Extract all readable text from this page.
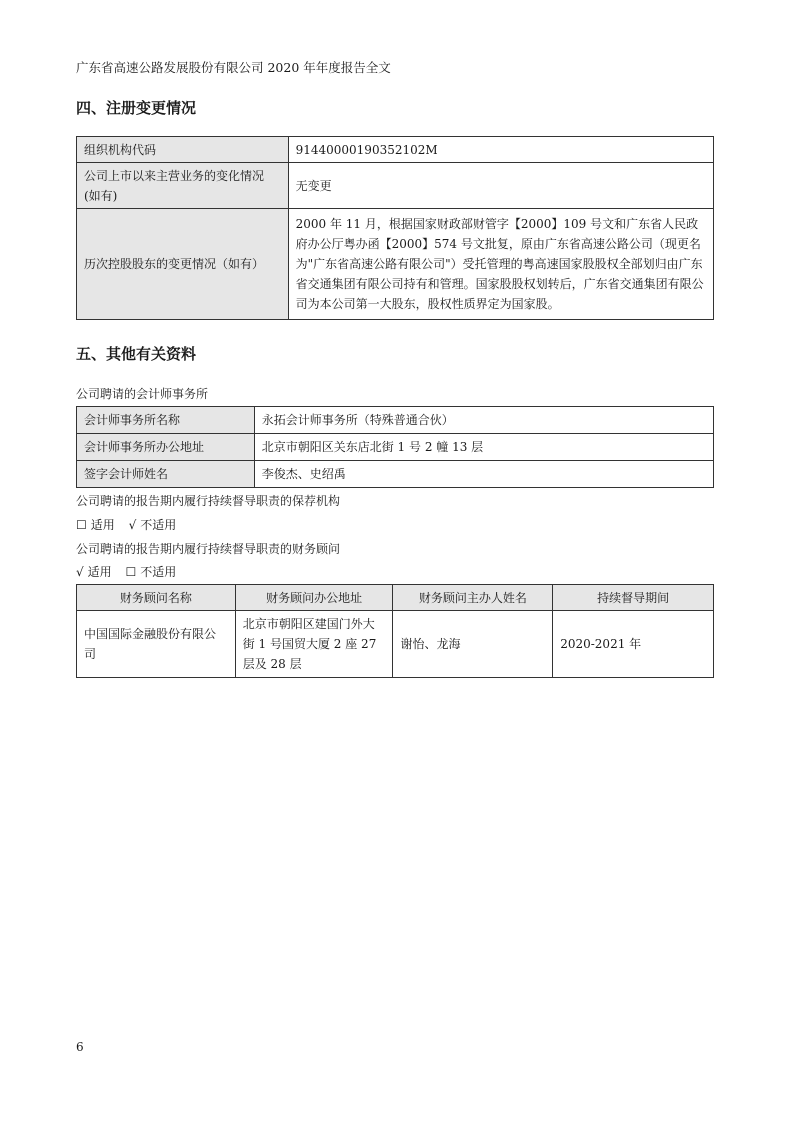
广东省高速公路发展股份有限公司 2020 年年度报告全文
四、注册变更情况
组织机构代码	91440000190352102M
公司上市以来主营业务的变化情况(如有)	无变更
历次控股股东的变更情况（如有）	2000 年 11 月，根据国家财政部财管字【2000】109 号文和广东省人民政府办公厅粤办函【2000】574 号文批复，原由广东省高速公路公司（现更名为"广东省高速公路有限公司"）受托管理的粤高速国家股股权全部划归由广东省交通集团有限公司持有和管理。国家股股权划转后，广东省交通集团有限公司为本公司第一大股东，股权性质界定为国家股。
五、其他有关资料
公司聘请的会计师事务所
会计师事务所名称	永拓会计师事务所（特殊普通合伙）
会计师事务所办公地址	北京市朝阳区关东店北街 1 号 2 幢 13 层
签字会计师姓名	李俊杰、史绍禹
公司聘请的报告期内履行持续督导职责的保荐机构
☐ 适用 √ 不适用
公司聘请的报告期内履行持续督导职责的财务顾问
√ 适用 ☐ 不适用
财务顾问名称	财务顾问办公地址	财务顾问主办人姓名	持续督导期间
中国国际金融股份有限公司	北京市朝阳区建国门外大街 1 号国贸大厦 2 座 27 层及 28 层	谢怡、龙海	2020-2021 年
6
